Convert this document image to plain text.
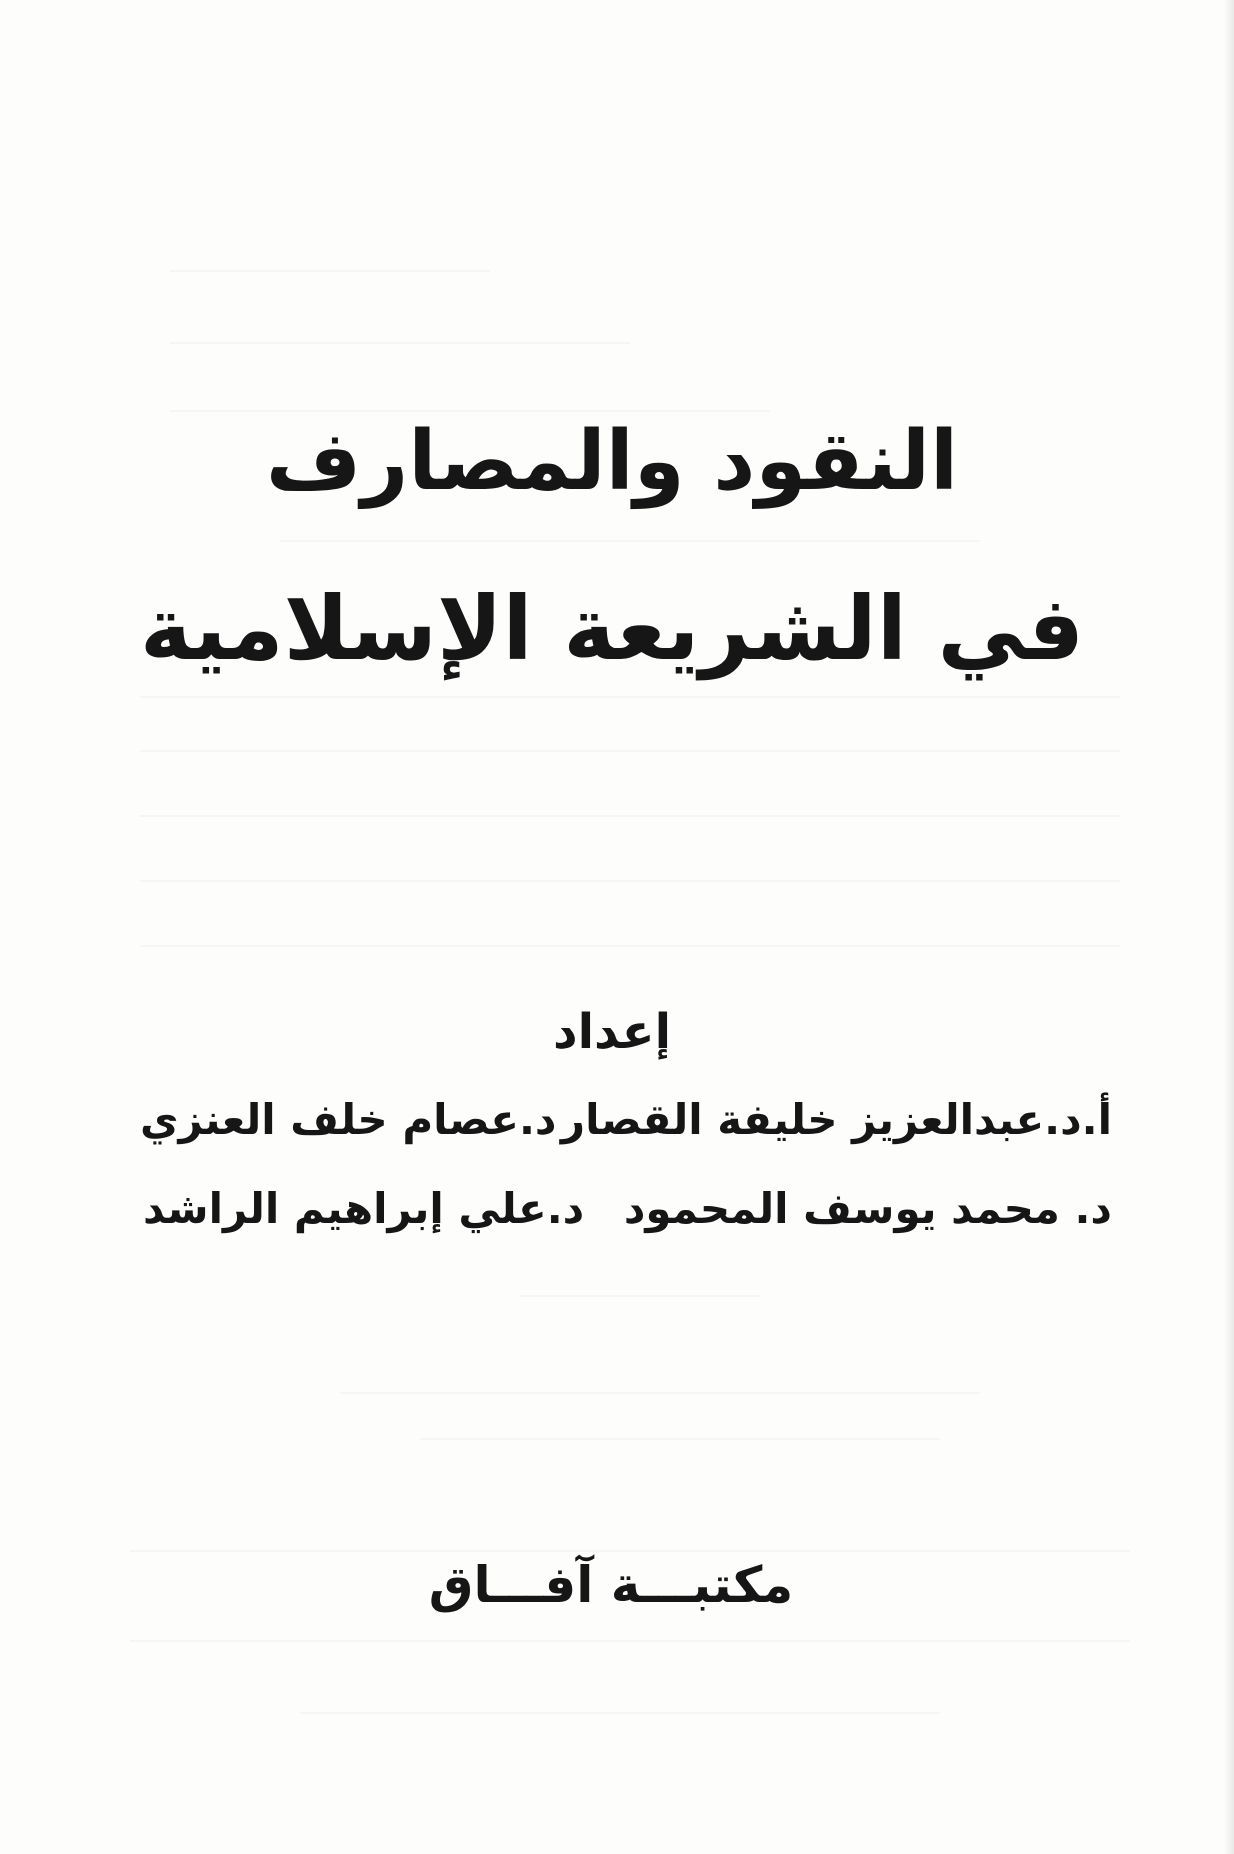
النقود والمصارف
في الشريعة الإسلامية
إعداد
أ.د.عبدالعزيز خليفة القصار
د.عصام خلف العنزي
د. محمد يوسف المحمود
د.علي إبراهيم الراشد
مكتبـــة آفـــاق
